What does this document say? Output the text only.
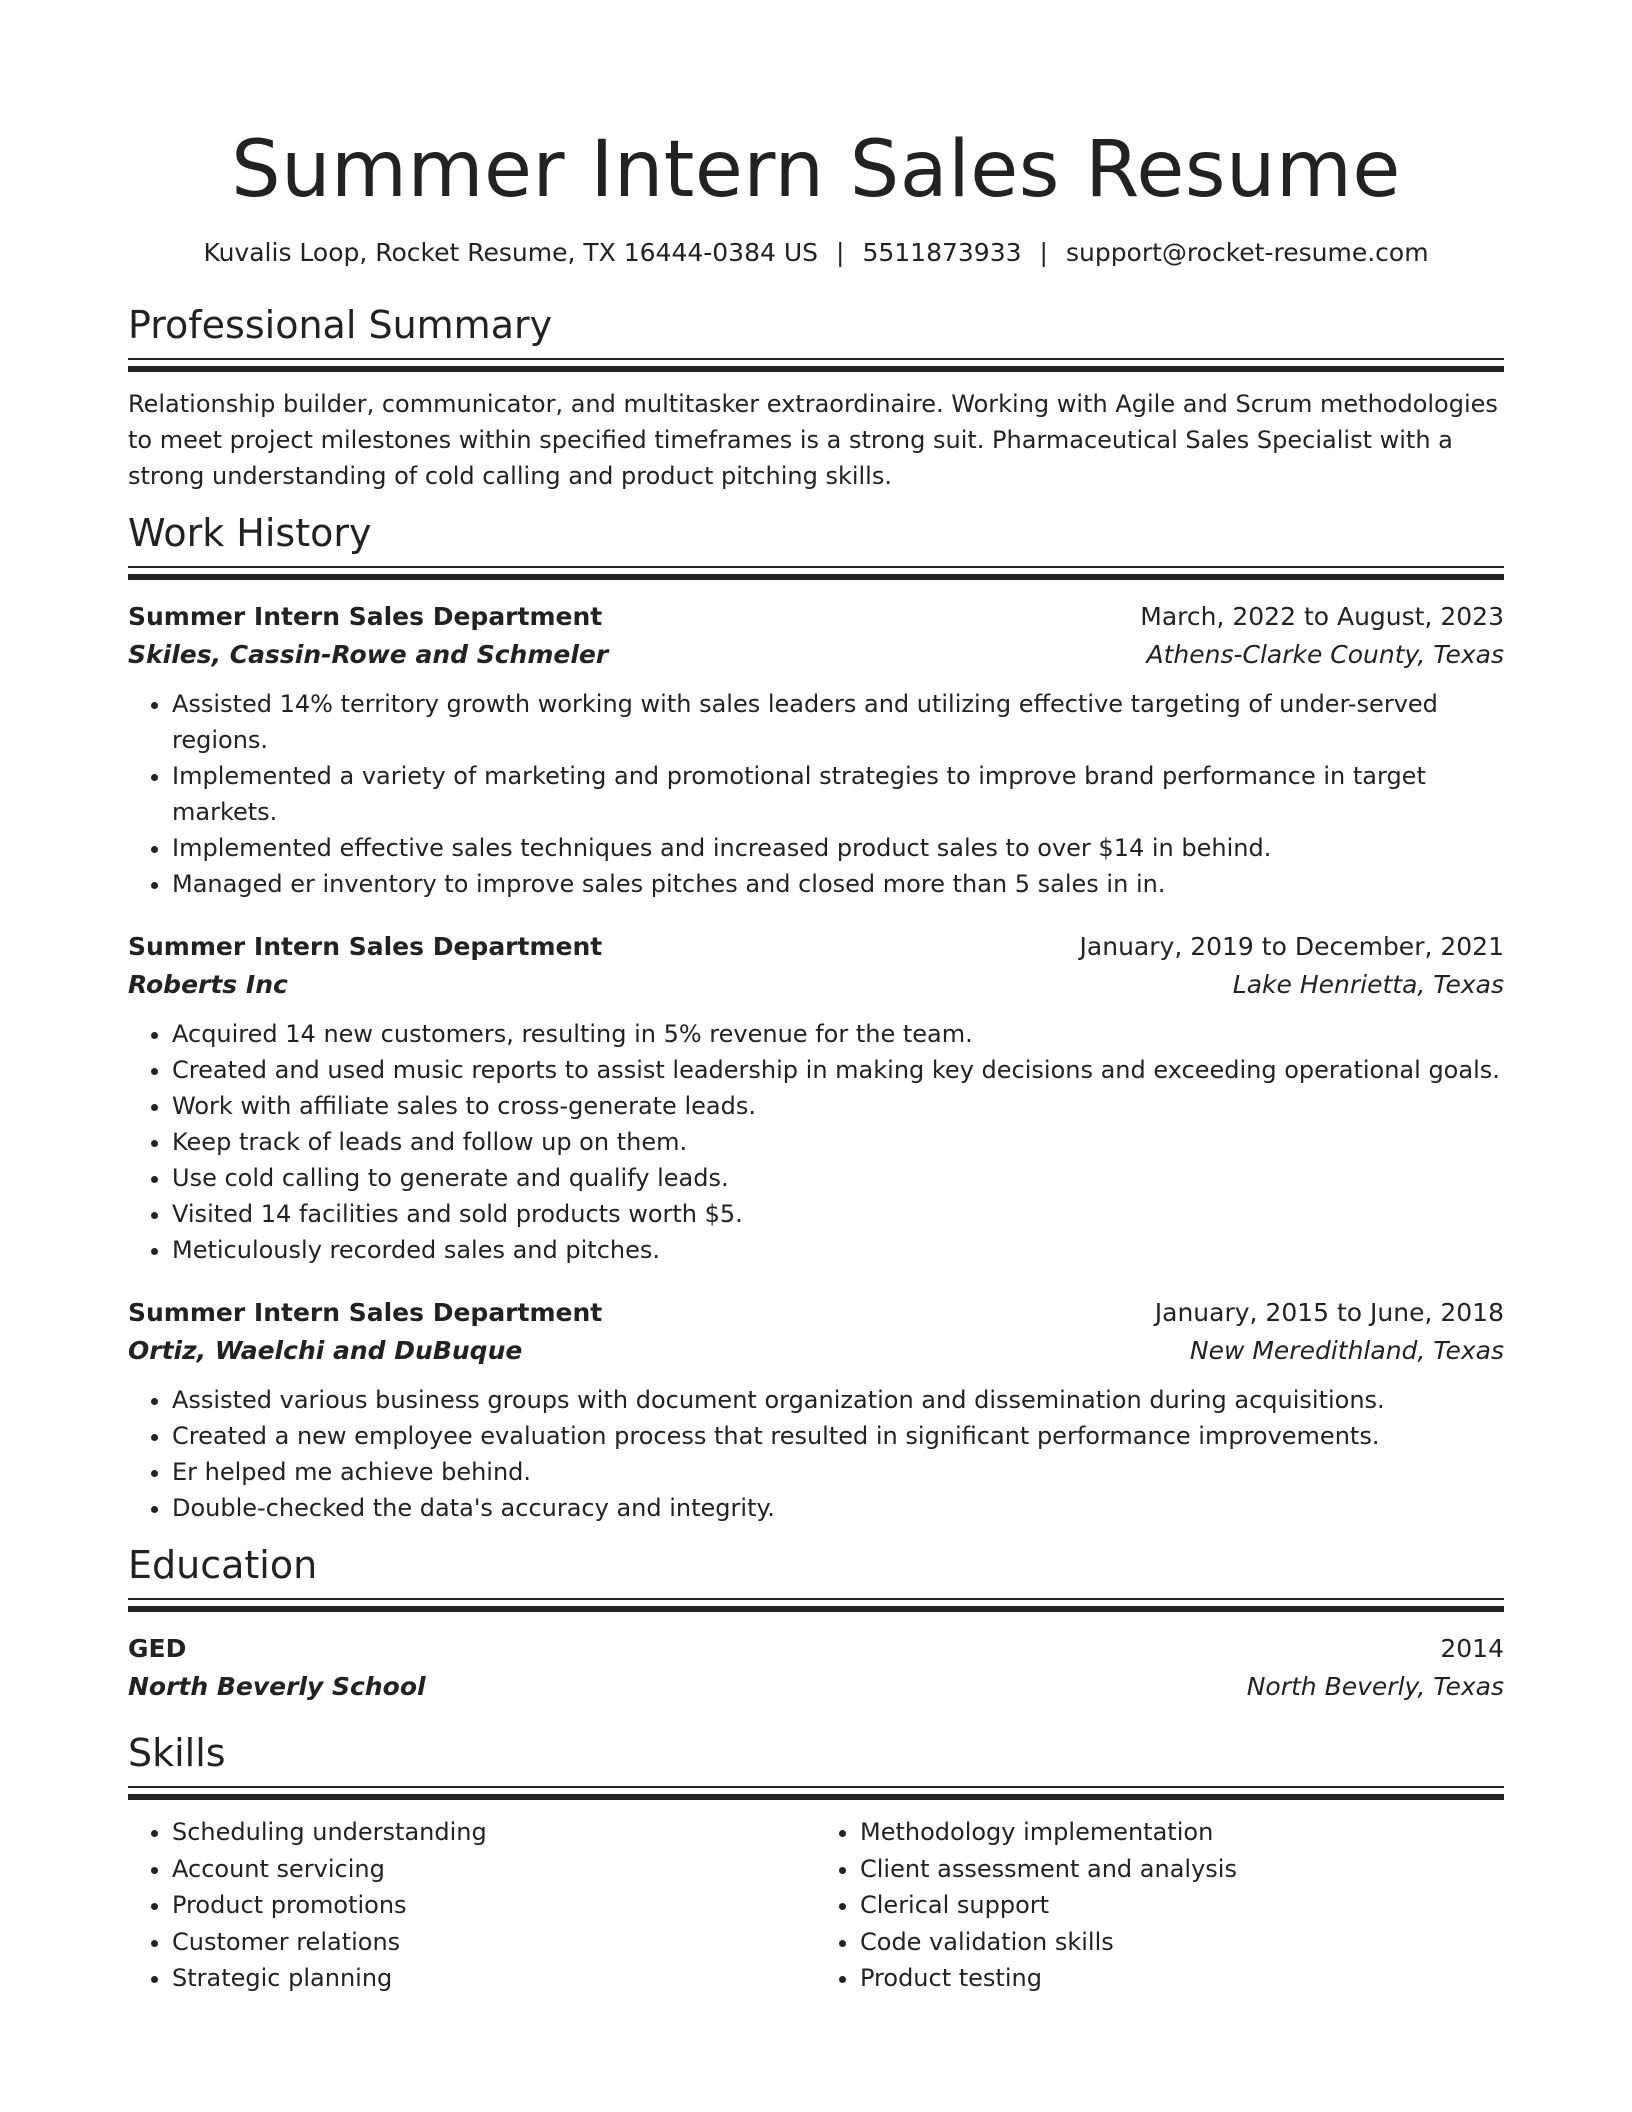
Summer Intern Sales Resume
Kuvalis Loop, Rocket Resume, TX 16444-0384 US | 5511873933 | support@rocket-resume.com
Professional Summary
Relationship builder, communicator, and multitasker extraordinaire. Working with Agile and Scrum methodologies to meet project milestones within specified timeframes is a strong suit. Pharmaceutical Sales Specialist with a strong understanding of cold calling and product pitching skills.
Work History
Summer Intern Sales Department	March, 2022 to August, 2023
Skiles, Cassin-Rowe and Schmeler	Athens-Clarke County, Texas
• Assisted 14% territory growth working with sales leaders and utilizing effective targeting of under-served regions.
• Implemented a variety of marketing and promotional strategies to improve brand performance in target markets.
• Implemented effective sales techniques and increased product sales to over $14 in behind.
• Managed er inventory to improve sales pitches and closed more than 5 sales in in.
Summer Intern Sales Department	January, 2019 to December, 2021
Roberts Inc	Lake Henrietta, Texas
• Acquired 14 new customers, resulting in 5% revenue for the team.
• Created and used music reports to assist leadership in making key decisions and exceeding operational goals.
• Work with affiliate sales to cross-generate leads.
• Keep track of leads and follow up on them.
• Use cold calling to generate and qualify leads.
• Visited 14 facilities and sold products worth $5.
• Meticulously recorded sales and pitches.
Summer Intern Sales Department	January, 2015 to June, 2018
Ortiz, Waelchi and DuBuque	New Meredithland, Texas
• Assisted various business groups with document organization and dissemination during acquisitions.
• Created a new employee evaluation process that resulted in significant performance improvements.
• Er helped me achieve behind.
• Double-checked the data's accuracy and integrity.
Education
GED	2014
North Beverly School	North Beverly, Texas
Skills
• Scheduling understanding
• Account servicing
• Product promotions
• Customer relations
• Strategic planning
• Methodology implementation
• Client assessment and analysis
• Clerical support
• Code validation skills
• Product testing
